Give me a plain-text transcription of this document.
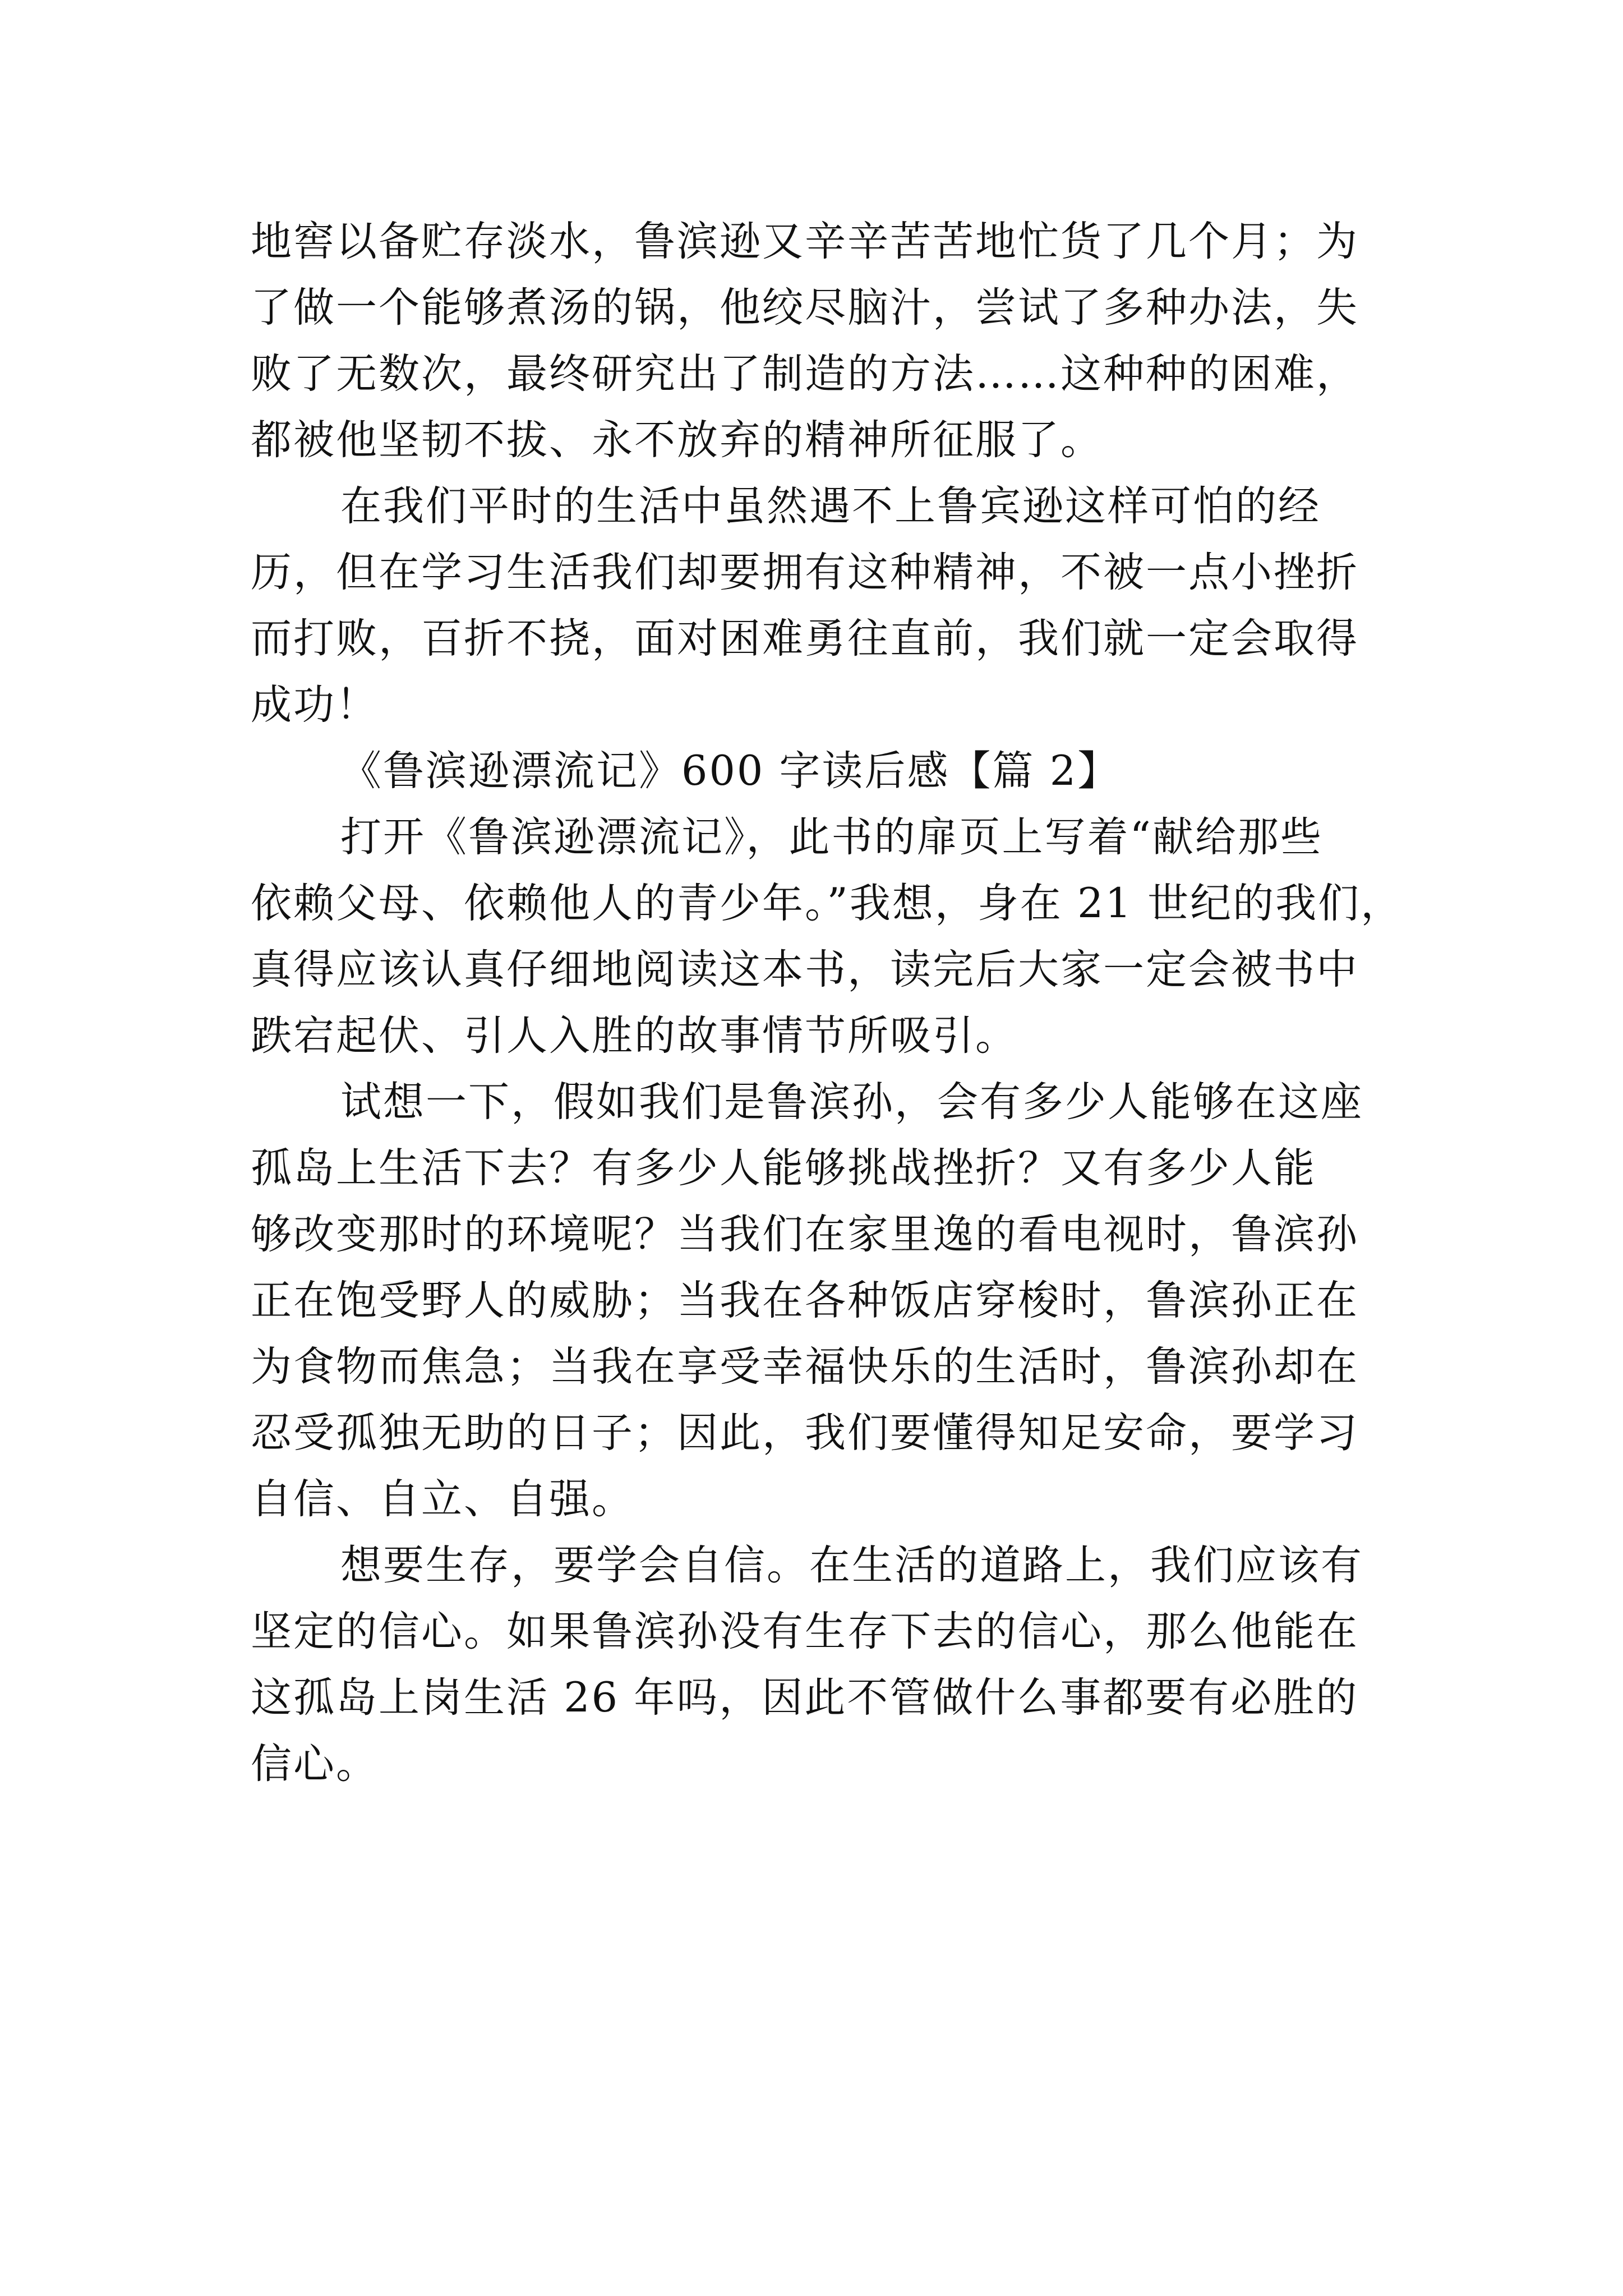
地窖以备贮存淡水，鲁滨逊又辛辛苦苦地忙货了几个月；为
了做一个能够煮汤的锅，他绞尽脑汁，尝试了多种办法，失
败了无数次，最终研究出了制造的方法……这种种的困难，
都被他坚韧不拔、永不放弃的精神所征服了。
在我们平时的生活中虽然遇不上鲁宾逊这样可怕的经
历，但在学习生活我们却要拥有这种精神，不被一点小挫折
而打败，百折不挠，面对困难勇往直前，我们就一定会取得
成功！
《鲁滨逊漂流记》600 字读后感【篇 2】
打开《鲁滨逊漂流记》，此书的扉页上写着“献给那些
依赖父母、依赖他人的青少年。”我想，身在 21 世纪的我们，
真得应该认真仔细地阅读这本书，读完后大家一定会被书中
跌宕起伏、引人入胜的故事情节所吸引。
试想一下，假如我们是鲁滨孙，会有多少人能够在这座
孤岛上生活下去？有多少人能够挑战挫折？又有多少人能
够改变那时的环境呢？当我们在家里逸的看电视时，鲁滨孙
正在饱受野人的威胁；当我在各种饭店穿梭时，鲁滨孙正在
为食物而焦急；当我在享受幸福快乐的生活时，鲁滨孙却在
忍受孤独无助的日子；因此，我们要懂得知足安命，要学习
自信、自立、自强。
想要生存，要学会自信。在生活的道路上，我们应该有
坚定的信心。如果鲁滨孙没有生存下去的信心，那么他能在
这孤岛上岗生活 26 年吗，因此不管做什么事都要有必胜的
信心。
